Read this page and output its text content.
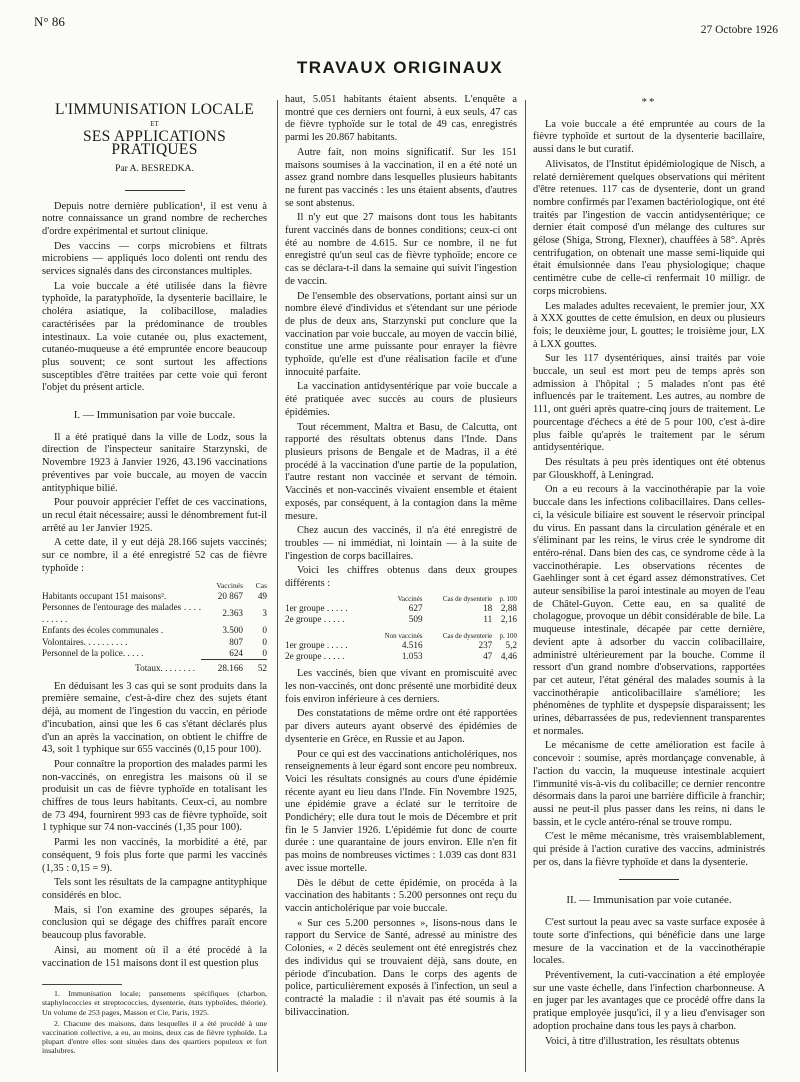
N° 86
27 Octobre 1926
TRAVAUX ORIGINAUX
L'IMMUNISATION LOCALE
ET
SES APPLICATIONS PRATIQUES
Par A. BESREDKA.

Depuis notre dernière publication¹, il est venu à notre connaissance un grand nombre de recherches d'ordre expérimental et surtout clinique.

Des vaccins — corps microbiens et filtrats microbiens — appliqués loco dolenti ont rendu des services signalés dans des circonstances multiples.

La voie buccale a été utilisée dans la fièvre typhoïde, la paratyphoïde, la dysenterie bacillaire, le choléra asiatique, la colibacillose, maladies caractérisées par la prédominance de troubles intestinaux. La voie cutanée ou, plus exactement, cutanéo-muqueuse a été empruntée encore beaucoup plus souvent; ce sont surtout les affections susceptibles d'être traitées par cette voie qui feront l'objet du présent article.

I. — Immunisation par voie buccale.

Il a été pratiqué dans la ville de Lodz, sous la direction de l'inspecteur sanitaire Starzynski, de Novembre 1923 à Janvier 1926, 43.196 vaccinations préventives par voie buccale, au moyen de vaccin antityphique bilié.

Pour pouvoir apprécier l'effet de ces vaccinations, un recul était nécessaire; aussi le dénombrement fut-il arrêté au 1er Janvier 1925.

A cette date, il y eut déjà 28.166 sujets vaccinés; sur ce nombre, il a été enregistré 52 cas de fièvre typhoïde :

	Vaccinés	Cas
Habitants occupant 151 maisons².	20 867	49
Personnes de l'entourage des malades . . . . . . . . . .	2.363	3
Enfants des écoles communales .	3.500	0
Volontaires. . . . . . . . . .	807	0
Personnel de la police. . . . .	624	0
Totaux. . . . . . . .	28.166	52

En déduisant les 3 cas qui se sont produits dans la première semaine, c'est-à-dire chez des sujets étant déjà, au moment de l'ingestion du vaccin, en période d'incubation, ainsi que les 6 cas s'étant déclarés plus d'un an après la vaccination, on obtient le chiffre de 43, soit 1 typhique sur 655 vaccinés (0,15 pour 100).

Pour connaître la proportion des malades parmi les non-vaccinés, on enregistra les maisons où il se produisit un cas de fièvre typhoïde en totalisant les chiffres de tous leurs habitants. Ceux-ci, au nombre de 73 494, fournirent 993 cas de fièvre typhoïde, soit 1 typhique sur 74 non-vaccinés (1,35 pour 100).

Parmi les non vaccinés, la morbidité a été, par conséquent, 9 fois plus forte que parmi les vaccinés (1,35 : 0,15 = 9).

Tels sont les résultats de la campagne antityphique considérés en bloc.

Mais, si l'on examine des groupes séparés, la conclusion qui se dégage des chiffres paraît encore beaucoup plus favorable.

Ainsi, au moment où il a été procédé à la vaccination de 151 maisons dont il est question plus

1. Immunisation locale; pansements spécifiques (charbon, staphylococcies et streptococcies, dysenterie, états typhoïdes, théorie). Un volume de 253 pages, Masson et Cie, Paris, 1925.

2. Chacune des maisons, dans lesquelles il a été procédé à une vaccination collective, a eu, au moins, deux cas de fièvre typhoïde. La plupart d'entre elles sont situées dans des quartiers populeux et fort insalubres.

haut, 5.051 habitants étaient absents. L'enquête a montré que ces derniers ont fourni, à eux seuls, 47 cas de fièvre typhoïde sur le total de 49 cas, enregistrés parmi les 20.867 habitants.

Autre fait, non moins significatif. Sur les 151 maisons soumises à la vaccination, il en a été noté un assez grand nombre dans lesquelles plusieurs habitants ne furent pas vaccinés : les uns étaient absents, d'autres se sont abstenus.

Il n'y eut que 27 maisons dont tous les habitants furent vaccinés dans de bonnes conditions; ceux-ci ont été au nombre de 4.615. Sur ce nombre, il ne fut enregistré qu'un seul cas de fièvre typhoïde; encore ce cas se déclara-t-il dans la semaine qui suivit l'ingestion de vaccin.

De l'ensemble des observations, portant ainsi sur un nombre élevé d'individus et s'étendant sur une période de plus de deux ans, Starzynski put conclure que la vaccination par voie buccale, au moyen de vaccin bilié, constitue une arme puissante pour enrayer la fièvre typhoïde, qu'elle est d'une réalisation facile et d'une innocuité parfaite.

La vaccination antidysentérique par voie buccale a été pratiquée avec succès au cours de plusieurs épidémies.

Tout récemment, Maltra et Basu, de Calcutta, ont rapporté des résultats obtenus dans l'Inde. Dans plusieurs prisons de Bengale et de Madras, il a été procédé à la vaccination d'une partie de la population, l'autre restant non vaccinée et servant de témoin. Vaccinés et non-vaccinés vivaient ensemble et étaient exposés, par conséquent, à la contagion dans la même mesure.

Chez aucun des vaccinés, il n'a été enregistré de troubles — ni immédiat, ni lointain — à la suite de l'ingestion de corps bacillaires.

Voici les chiffres obtenus dans deux groupes différents :

	Vaccinés	Cas de dysenterie	p. 100
1er groupe . . . . .	627	18	2,88
2e groupe . . . . .	509	11	2,16
	Non vaccinés	Cas de dysenterie	p. 100
1er groupe . . . . .	4.516	237	5,2
2e groupe . . . . .	1.053	47	4,46

Les vaccinés, bien que vivant en promiscuité avec les non-vaccinés, ont donc présenté une morbidité deux fois environ inférieure à ces derniers.

Des constatations de même ordre ont été rapportées par divers auteurs ayant observé des épidémies de dysenterie en Grèce, en Russie et au Japon.

Pour ce qui est des vaccinations anticholériques, nos renseignements à leur égard sont encore peu nombreux. Voici les résultats consignés au cours d'une épidémie récente ayant eu lieu dans l'Inde. Fin Novembre 1925, une épidémie grave a éclaté sur le territoire de Pondichéry; elle dura tout le mois de Décembre et prit fin le 5 Janvier 1926. L'épidémie fut donc de courte durée : une quarantaine de jours environ. Elle n'en fit pas moins de nombreuses victimes : 1.039 cas dont 831 avec issue mortelle.

Dès le début de cette épidémie, on procéda à la vaccination des habitants : 5.200 personnes ont reçu du vaccin anticholérique par voie buccale.

« Sur ces 5.200 personnes », lisons-nous dans le rapport du Service de Santé, adressé au ministre des Colonies, « 2 décès seulement ont été enregistrés chez des individus qui se trouvaient déjà, sans doute, en période d'incubation. Dans le corps des agents de police, particulièrement exposés à l'infection, un seul a contracté la maladie : il n'avait pas été soumis à la bilivaccination.

**

La voie buccale a été empruntée au cours de la fièvre typhoïde et surtout de la dysenterie bacillaire, aussi dans le but curatif.

Alivisatos, de l'Institut épidémiologique de Nisch, a relaté dernièrement quelques observations qui méritent d'être retenues. 117 cas de dysenterie, dont un grand nombre confirmés par l'examen bactériologique, ont été traités par l'ingestion de vaccin antidysentérique; ce dernier était composé d'un mélange des cultures sur gélose (Shiga, Strong, Flexner), chauffées à 58°. Après centrifugation, on obtenait une masse semi-liquide qui était émulsionnée dans l'eau physiologique; chaque centimètre cube de celle-ci renfermait 10 milligr. de corps microbiens.

Les malades adultes recevaient, le premier jour, XX à XXX gouttes de cette émulsion, en deux ou plusieurs fois; le deuxième jour, L gouttes; le troisième jour, LX à LXX gouttes.

Sur les 117 dysentériques, ainsi traités par voie buccale, un seul est mort peu de temps après son admission à l'hôpital ; 5 malades n'ont pas été influencés par le traitement. Les autres, au nombre de 111, ont guéri après quatre-cinq jours de traitement. Le pourcentage d'échecs a été de 5 pour 100, c'est à-dire plus faible qu'après le traitement par le sérum antidysentérique.

Des résultats à peu près identiques ont été obtenus par Glouskhoff, à Leningrad.

On a eu recours à la vaccinothérapie par la voie buccale dans les infections colibacillaires. Dans celles-ci, la vésicule biliaire est souvent le réservoir principal du virus. En passant dans la circulation générale et en s'éliminant par les reins, le virus crée le syndrome dit entéro-rénal. Dans bien des cas, ce syndrome cède à la vaccinothérapie. Les observations récentes de Gaehlinger sont à cet égard assez démonstratives. Cet auteur sensibilise la paroi intestinale au moyen de l'eau de Châtel-Guyon. Cette eau, en sa qualité de cholagogue, provoque un débit considérable de bile. La muqueuse intestinale, décapée par cette dernière, devient apte à adsorber du vaccin colibacillaire, administré ultérieurement par la bouche. Comme il ressort d'un grand nombre d'observations, rapportées par cet auteur, l'état général des malades soumis à la vaccinothérapie anticolibacillaire s'améliore; les phénomènes de typhlite et dyspepsie disparaissent; les urines, débarrassées de pus, redeviennent transparentes et normales.

Le mécanisme de cette amélioration est facile à concevoir : soumise, après mordançage convenable, à l'action du vaccin, la muqueuse intestinale acquiert l'immunité vis-à-vis du colibacille; ce dernier rencontre désormais dans la paroi une barrière difficile à franchir; aussi ne peut-il plus passer dans les reins, ni dans le bassin, et le cycle antéro-rénal se trouve rompu.

C'est le même mécanisme, très vraisemblablement, qui préside à l'action curative des vaccins, administrés per os, dans la fièvre typhoïde et dans la dysenterie.

II. — Immunisation par voie cutanée.

C'est surtout la peau avec sa vaste surface exposée à toute sorte d'infections, qui bénéficie dans une large mesure de la vaccination et de la vaccinothérapie locales.

Préventivement, la cuti-vaccination a été employée sur une vaste échelle, dans l'infection charbonneuse. A en juger par les avantages que ce procédé offre dans la pratique employée jusqu'ici, il y a lieu d'envisager son adoption prochaine dans tous les pays à charbon.

Voici, à titre d'illustration, les résultats obtenus
